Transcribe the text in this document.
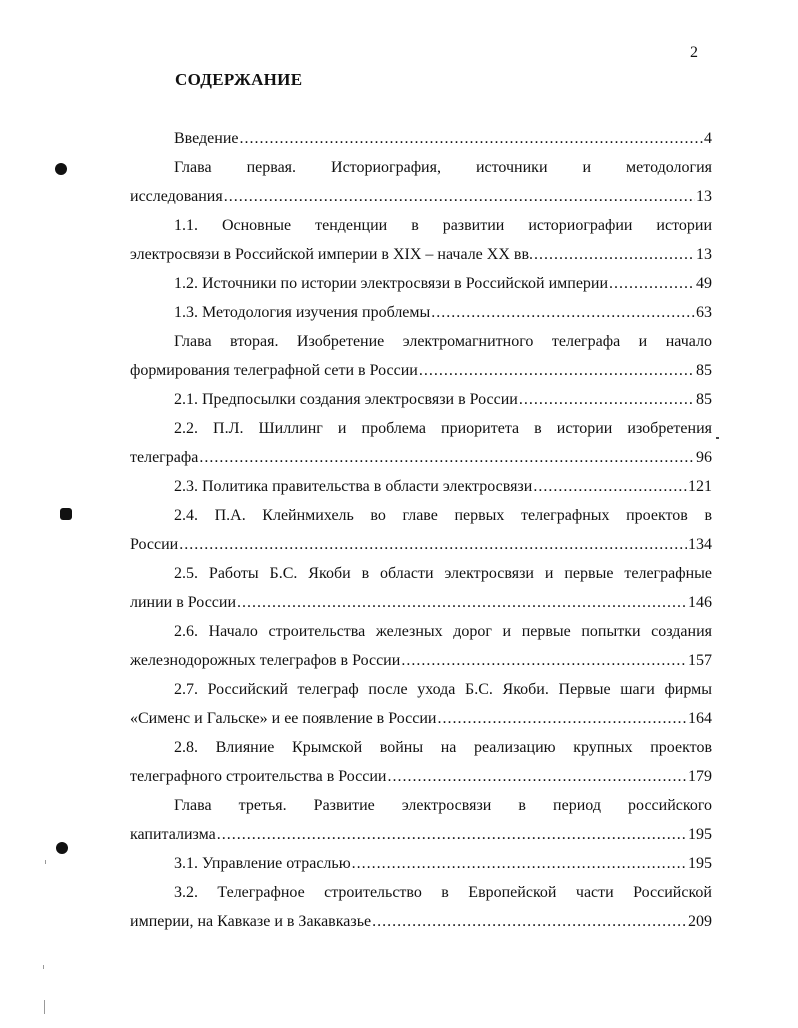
2
СОДЕРЖАНИЕ
Введение .....	4
Глава первая. Историография, источники и методология
исследования .....	13
1.1. Основные тенденции в развитии историографии истории
электросвязи в Российской империи в XIX – начале XX вв. .....	13
1.2. Источники по истории электросвязи в Российской империи .....	49
1.3. Методология изучения проблемы .....	63
Глава вторая. Изобретение электромагнитного телеграфа и начало
формирования телеграфной сети в России .....	85
2.1. Предпосылки создания электросвязи в России .....	85
2.2. П.Л. Шиллинг и проблема приоритета в истории изобретения
телеграфа .....	96
2.3. Политика правительства в области электросвязи .....	121
2.4. П.А. Клейнмихель во главе первых телеграфных проектов в
России .....	134
2.5. Работы Б.С. Якоби в области электросвязи и первые телеграфные
линии в России .....	146
2.6. Начало строительства железных дорог и первые попытки создания
железнодорожных телеграфов в России .....	157
2.7. Российский телеграф после ухода Б.С. Якоби. Первые шаги фирмы
«Сименс и Гальске» и ее появление в России .....	164
2.8. Влияние Крымской войны на реализацию крупных проектов
телеграфного строительства в России .....	179
Глава третья. Развитие электросвязи в период российского
капитализма .....	195
3.1. Управление отраслью .....	195
3.2. Телеграфное строительство в Европейской части Российской
империи, на Кавказе и в Закавказье .....	209
